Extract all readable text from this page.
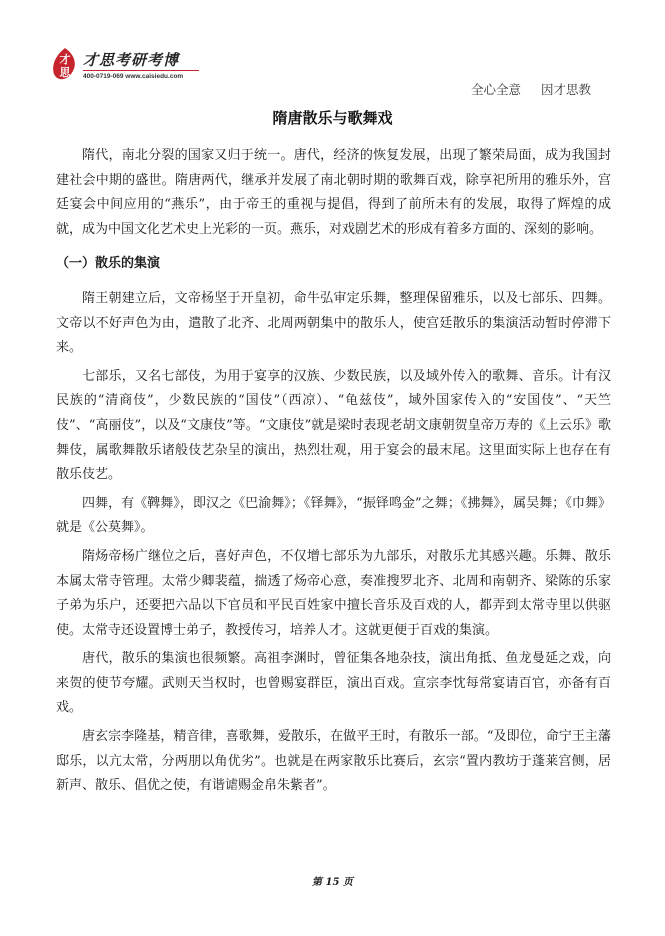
才
思
才思考研考博
400-0719-069 www.caisiedu.com
全心全意 因才思教
隋唐散乐与歌舞戏

隋代，南北分裂的国家又归于统一。唐代，经济的恢复发展，出现了繁荣局面，成为我国封建社会中期的盛世。隋唐两代，继承并发展了南北朝时期的歌舞百戏，除享祀所用的雅乐外，宫廷宴会中间应用的“燕乐”，由于帝王的重视与提倡，得到了前所未有的发展，取得了辉煌的成就，成为中国文化艺术史上光彩的一页。燕乐，对戏剧艺术的形成有着多方面的、深刻的影响。

（一）散乐的集演

隋王朝建立后，文帝杨坚于开皇初，命牛弘审定乐舞，整理保留雅乐，以及七部乐、四舞。文帝以不好声色为由，遣散了北齐、北周两朝集中的散乐人，使宫廷散乐的集演活动暂时停滞下来。

七部乐，又名七部伎，为用于宴享的汉族、少数民族，以及域外传入的歌舞、音乐。计有汉民族的“清商伎”，少数民族的“国伎”（西凉）、“龟兹伎”，域外国家传入的“安国伎”、“天竺伎”、“高丽伎”，以及“文康伎”等。“文康伎”就是梁时表现老胡文康朝贺皇帝万寿的《上云乐》歌舞伎，属歌舞散乐诸般伎艺杂呈的演出，热烈壮观，用于宴会的最末尾。这里面实际上也存在有散乐伎艺。

四舞，有《鞞舞》，即汉之《巴渝舞》；《铎舞》，“振铎鸣金”之舞；《拂舞》，属吴舞；《巾舞》就是《公莫舞》。

隋炀帝杨广继位之后，喜好声色，不仅增七部乐为九部乐，对散乐尤其感兴趣。乐舞、散乐本属太常寺管理。太常少卿裴蕴，揣透了炀帝心意，奏准搜罗北齐、北周和南朝齐、梁陈的乐家子弟为乐户，还要把六品以下官员和平民百姓家中擅长音乐及百戏的人，都弄到太常寺里以供驱使。太常寺还设置博士弟子，教授传习，培养人才。这就更便于百戏的集演。

唐代，散乐的集演也很频繁。高祖李渊时，曾征集各地杂技，演出角抵、鱼龙曼延之戏，向来贺的使节夸耀。武则天当权时，也曾赐宴群臣，演出百戏。宣宗李忱每常宴请百官，亦备有百戏。

唐玄宗李隆基，精音律，喜歌舞，爱散乐，在做平王时，有散乐一部。“及即位，命宁王主藩邸乐，以亢太常，分两朋以角优劣”。也就是在两家散乐比赛后，玄宗“置内教坊于蓬莱宫侧，居新声、散乐、倡优之使，有谐谑赐金帛朱紫者”。

第 15 页
